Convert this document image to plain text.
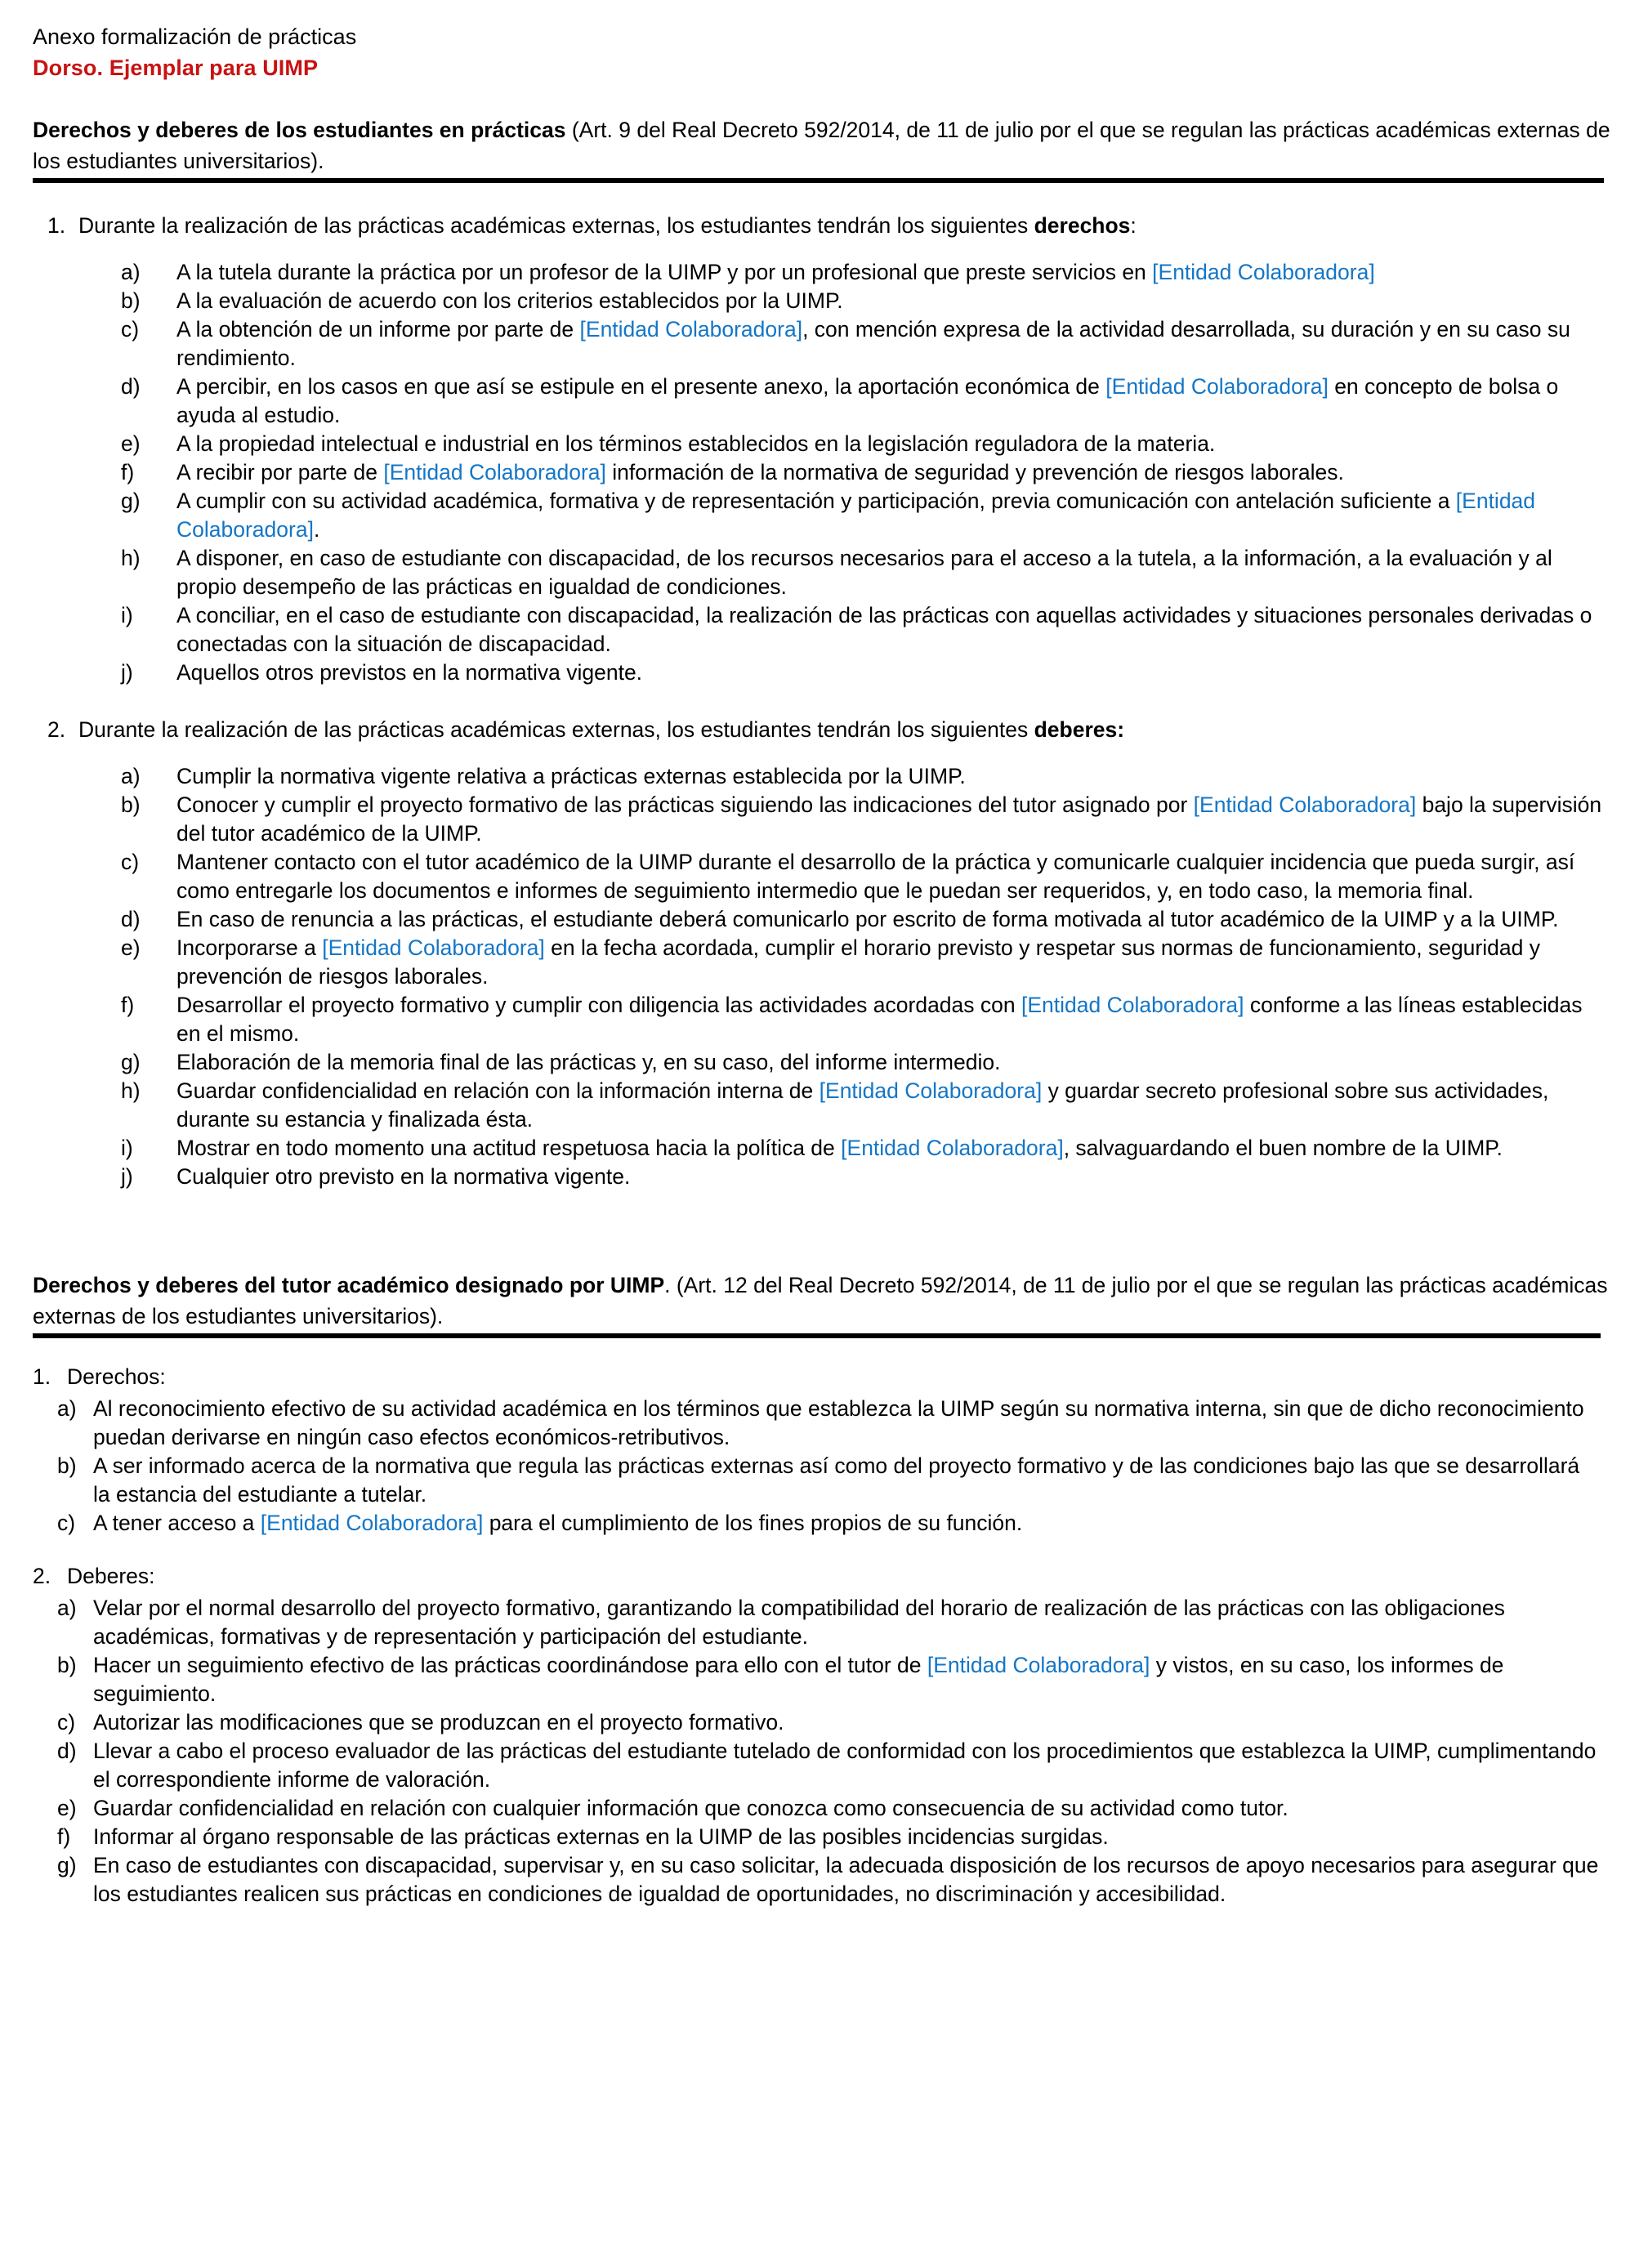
Anexo formalización de prácticas
Dorso. Ejemplar para UIMP
Derechos y deberes de los estudiantes en prácticas (Art. 9 del Real Decreto 592/2014, de 11 de julio por el que se regulan las prácticas académicas externas de los estudiantes universitarios).
1. Durante la realización de las prácticas académicas externas, los estudiantes tendrán los siguientes derechos:
a)	A la tutela durante la práctica por un profesor de la UIMP y por un profesional que preste servicios en [Entidad Colaboradora]
b)	A la evaluación de acuerdo con los criterios establecidos por la UIMP.
c)	A la obtención de un informe por parte de [Entidad Colaboradora], con mención expresa de la actividad desarrollada, su duración y en su caso su rendimiento.
d)	A percibir, en los casos en que así se estipule en el presente anexo, la aportación económica de [Entidad Colaboradora] en concepto de bolsa o ayuda al estudio.
e)	A la propiedad intelectual e industrial en los términos establecidos en la legislación reguladora de la materia.
f)	A recibir por parte de [Entidad Colaboradora] información de la normativa de seguridad y prevención de riesgos laborales.
g)	A cumplir con su actividad académica, formativa y de representación y participación, previa comunicación con antelación suficiente a [Entidad Colaboradora].
h)	A disponer, en caso de estudiante con discapacidad, de los recursos necesarios para el acceso a la tutela, a la información, a la evaluación y al propio desempeño de las prácticas en igualdad de condiciones.
i)	A conciliar, en el caso de estudiante con discapacidad, la realización de las prácticas con aquellas actividades y situaciones personales derivadas o conectadas con la situación de discapacidad.
j)	Aquellos otros previstos en la normativa vigente.
2. Durante la realización de las prácticas académicas externas, los estudiantes tendrán los siguientes deberes:
a)	Cumplir la normativa vigente relativa a prácticas externas establecida por la UIMP.
b)	Conocer y cumplir el proyecto formativo de las prácticas siguiendo las indicaciones del tutor asignado por [Entidad Colaboradora] bajo la supervisión del tutor académico de la UIMP.
c)	Mantener contacto con el tutor académico de la UIMP durante el desarrollo de la práctica y comunicarle cualquier incidencia que pueda surgir, así como entregarle los documentos e informes de seguimiento intermedio que le puedan ser requeridos, y, en todo caso, la memoria final.
d)	En caso de renuncia a las prácticas, el estudiante deberá comunicarlo por escrito de forma motivada al tutor académico de la UIMP y a la UIMP.
e)	Incorporarse a [Entidad Colaboradora] en la fecha acordada, cumplir el horario previsto y respetar sus normas de funcionamiento, seguridad y prevención de riesgos laborales.
f)	Desarrollar el proyecto formativo y cumplir con diligencia las actividades acordadas con [Entidad Colaboradora] conforme a las líneas establecidas en el mismo.
g)	Elaboración de la memoria final de las prácticas y, en su caso, del informe intermedio.
h)	Guardar confidencialidad en relación con la información interna de [Entidad Colaboradora] y guardar secreto profesional sobre sus actividades, durante su estancia y finalizada ésta.
i)	Mostrar en todo momento una actitud respetuosa hacia la política de [Entidad Colaboradora], salvaguardando el buen nombre de la UIMP.
j)	Cualquier otro previsto en la normativa vigente.
Derechos y deberes del tutor académico designado por UIMP. (Art. 12 del Real Decreto 592/2014, de 11 de julio por el que se regulan las prácticas académicas externas de los estudiantes universitarios).
1. Derechos:
a) Al reconocimiento efectivo de su actividad académica en los términos que establezca la UIMP según su normativa interna, sin que de dicho reconocimiento puedan derivarse en ningún caso efectos económicos-retributivos.
b) A ser informado acerca de la normativa que regula las prácticas externas así como del proyecto formativo y de las condiciones bajo las que se desarrollará la estancia del estudiante a tutelar.
c) A tener acceso a [Entidad Colaboradora] para el cumplimiento de los fines propios de su función.
2. Deberes:
a) Velar por el normal desarrollo del proyecto formativo, garantizando la compatibilidad del horario de realización de las prácticas con las obligaciones académicas, formativas y de representación y participación del estudiante.
b) Hacer un seguimiento efectivo de las prácticas coordinándose para ello con el tutor de [Entidad Colaboradora] y vistos, en su caso, los informes de seguimiento.
c) Autorizar las modificaciones que se produzcan en el proyecto formativo.
d) Llevar a cabo el proceso evaluador de las prácticas del estudiante tutelado de conformidad con los procedimientos que establezca la UIMP, cumplimentando el correspondiente informe de valoración.
e) Guardar confidencialidad en relación con cualquier información que conozca como consecuencia de su actividad como tutor.
f)	Informar al órgano responsable de las prácticas externas en la UIMP de las posibles incidencias surgidas.
g) En caso de estudiantes con discapacidad, supervisar y, en su caso solicitar, la adecuada disposición de los recursos de apoyo necesarios para asegurar que los estudiantes realicen sus prácticas en condiciones de igualdad de oportunidades, no discriminación y accesibilidad.
